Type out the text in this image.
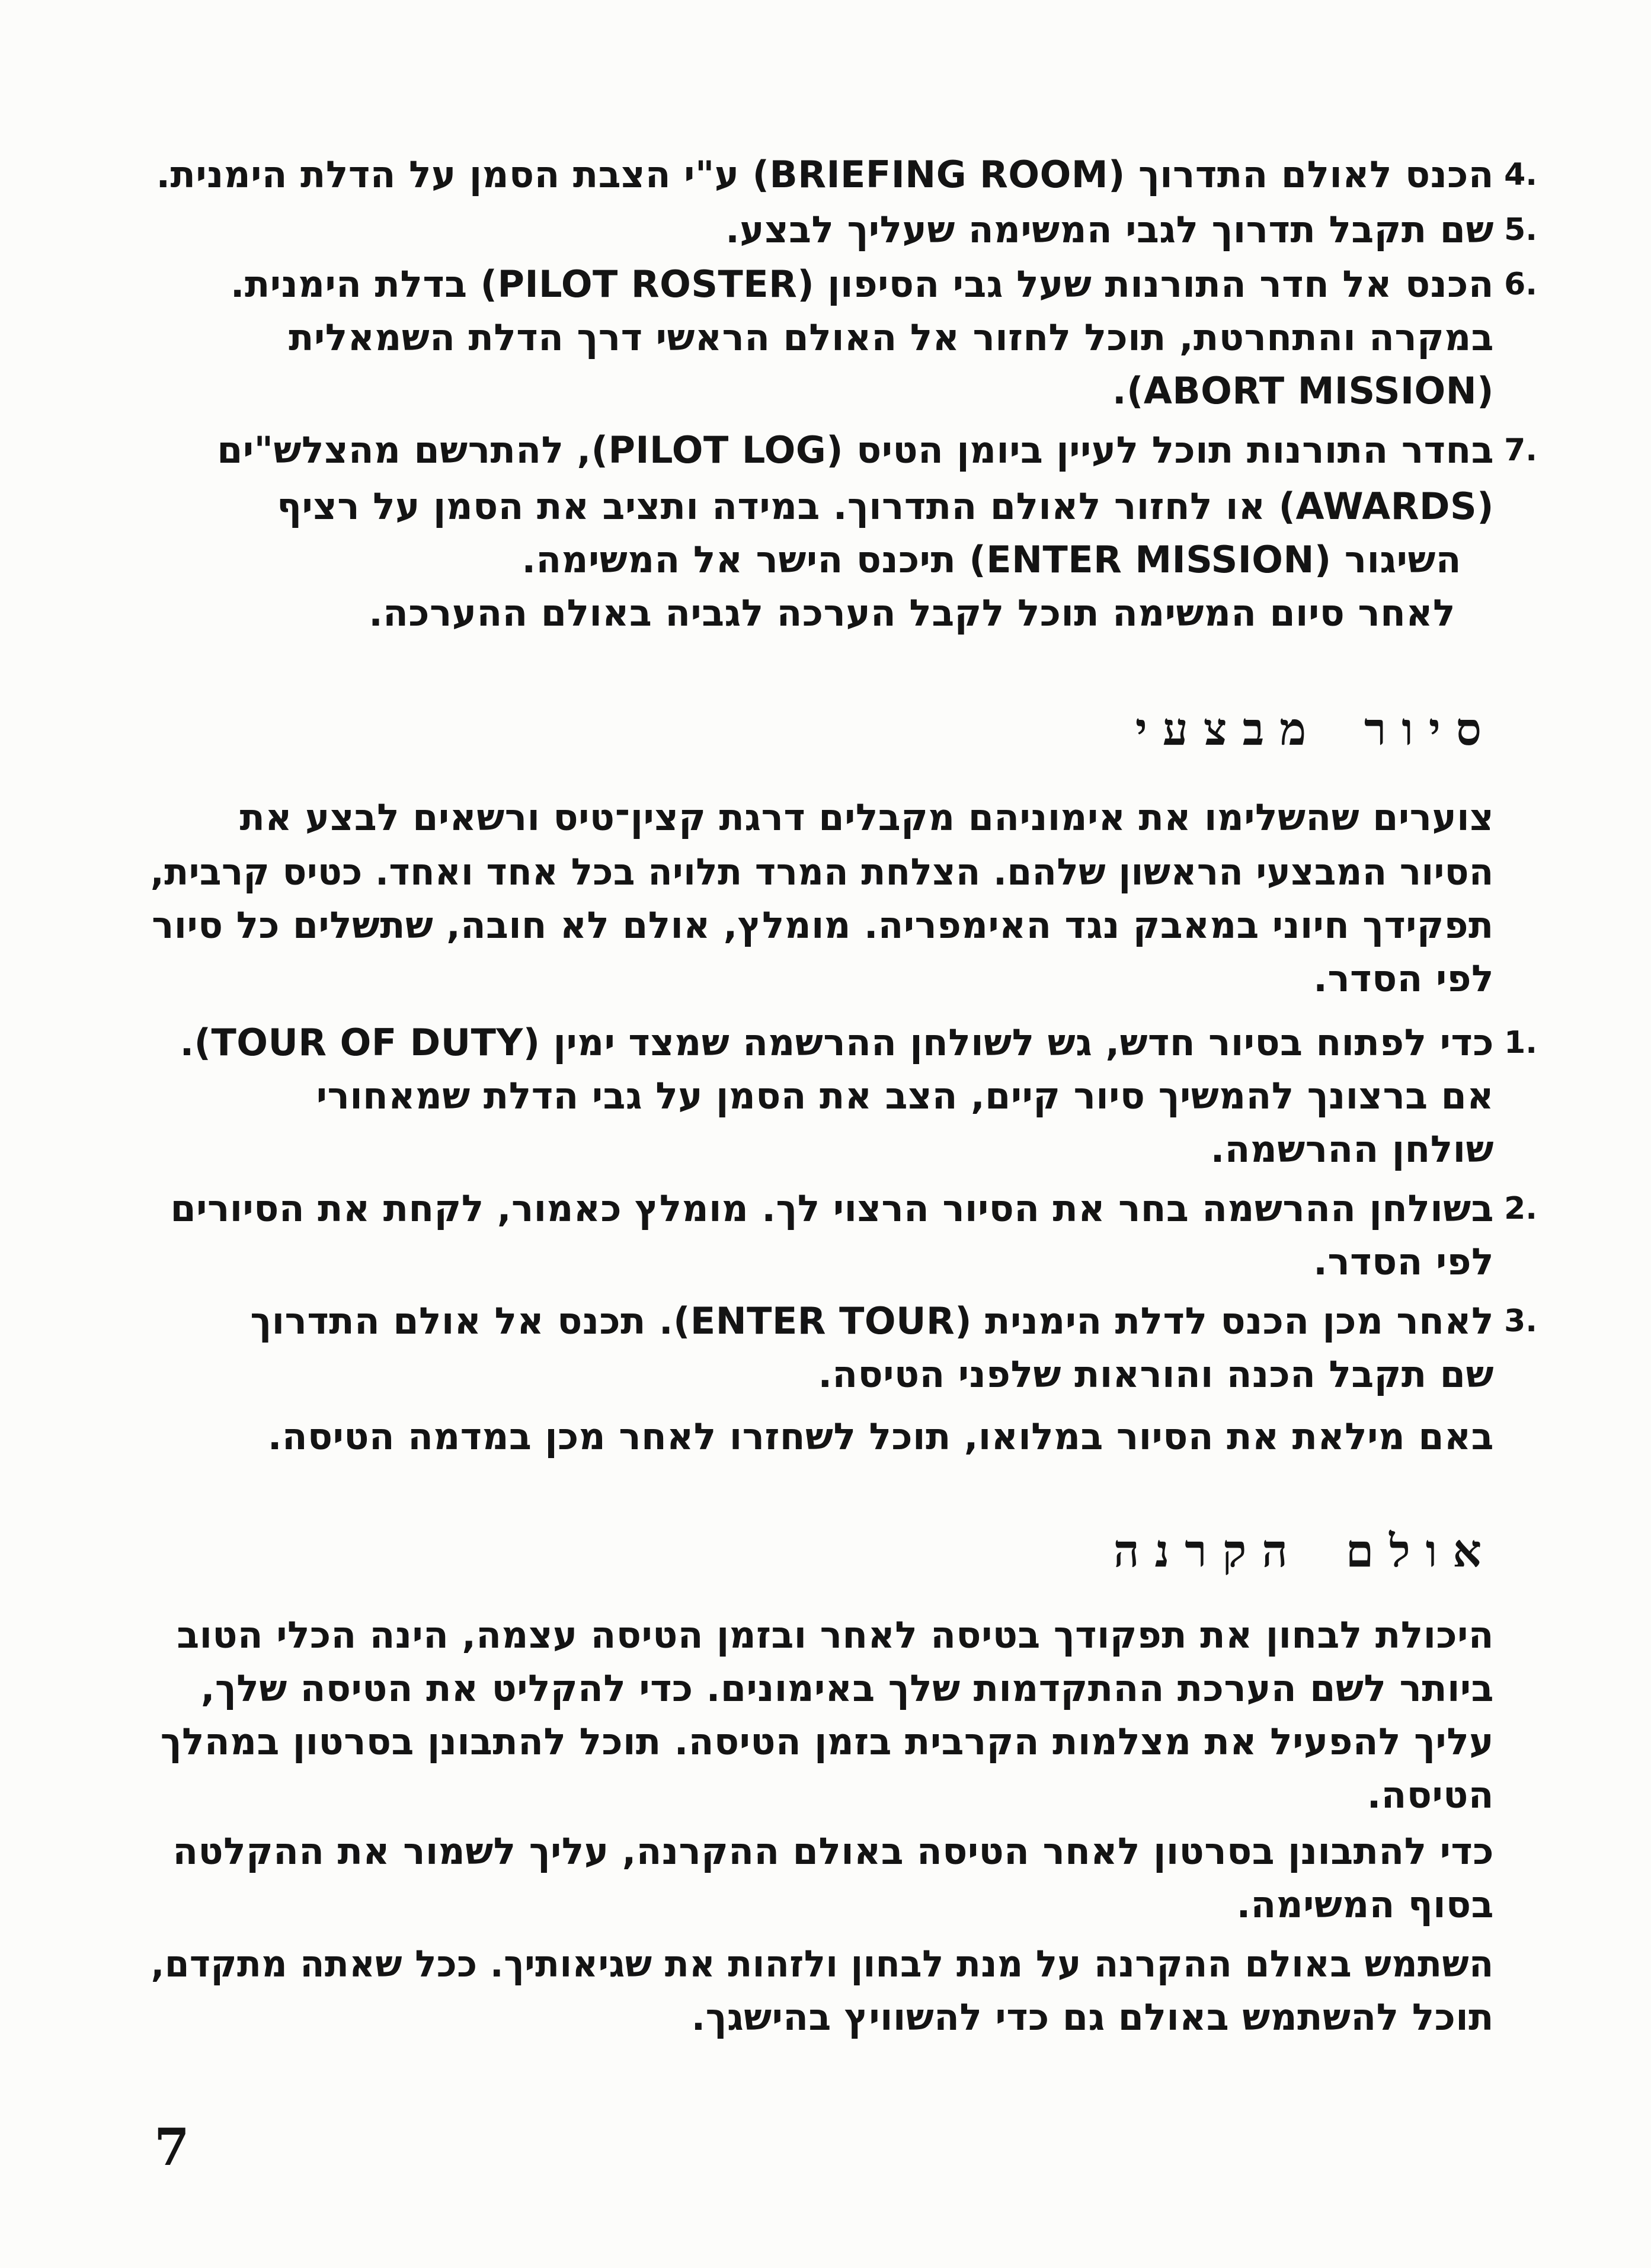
4.
הכנס לאולם התדרוך (BRIEFING ROOM) ע"י הצבת הסמן על הדלת הימנית.
5.
שם תקבל תדרוך לגבי המשימה שעליך לבצע.
6.
הכנס אל חדר התורנות שעל גבי הסיפון (PILOT ROSTER) בדלת הימנית.
במקרה והתחרטת, תוכל לחזור אל האולם הראשי דרך הדלת השמאלית
(ABORT MISSION).
7.
בחדר התורנות תוכל לעיין ביומן הטיס (PILOT LOG), להתרשם מהצלש"ים
(AWARDS) או לחזור לאולם התדרוך. במידה ותציב את הסמן על רציף
השיגור (ENTER MISSION) תיכנס הישר אל המשימה.
לאחר סיום המשימה תוכל לקבל הערכה לגביה באולם ההערכה.
סיור מבצעי
צוערים שהשלימו את אימוניהם מקבלים דרגת קצין־טיס ורשאים לבצע את
הסיור המבצעי הראשון שלהם. הצלחת המרד תלויה בכל אחד ואחד. כטיס קרבית,
תפקידך חיוני במאבק נגד האימפריה. מומלץ, אולם לא חובה, שתשלים כל סיור
לפי הסדר.
1.
כדי לפתוח בסיור חדש, גש לשולחן ההרשמה שמצד ימין (TOUR OF DUTY).
אם ברצונך להמשיך סיור קיים, הצב את הסמן על גבי הדלת שמאחורי
שולחן ההרשמה.
2.
בשולחן ההרשמה בחר את הסיור הרצוי לך. מומלץ כאמור, לקחת את הסיורים
לפי הסדר.
3.
לאחר מכן הכנס לדלת הימנית (ENTER TOUR). תכנס אל אולם התדרוך
שם תקבל הכנה והוראות שלפני הטיסה.
באם מילאת את הסיור במלואו, תוכל לשחזרו לאחר מכן במדמה הטיסה.
אולם הקרנה
היכולת לבחון את תפקודך בטיסה לאחר ובזמן הטיסה עצמה, הינה הכלי הטוב
ביותר לשם הערכת ההתקדמות שלך באימונים. כדי להקליט את הטיסה שלך,
עליך להפעיל את מצלמות הקרבית בזמן הטיסה. תוכל להתבונן בסרטון במהלך
הטיסה.
כדי להתבונן בסרטון לאחר הטיסה באולם ההקרנה, עליך לשמור את ההקלטה
בסוף המשימה.
השתמש באולם ההקרנה על מנת לבחון ולזהות את שגיאותיך. ככל שאתה מתקדם,
תוכל להשתמש באולם גם כדי להשוויץ בהישגך.
7
